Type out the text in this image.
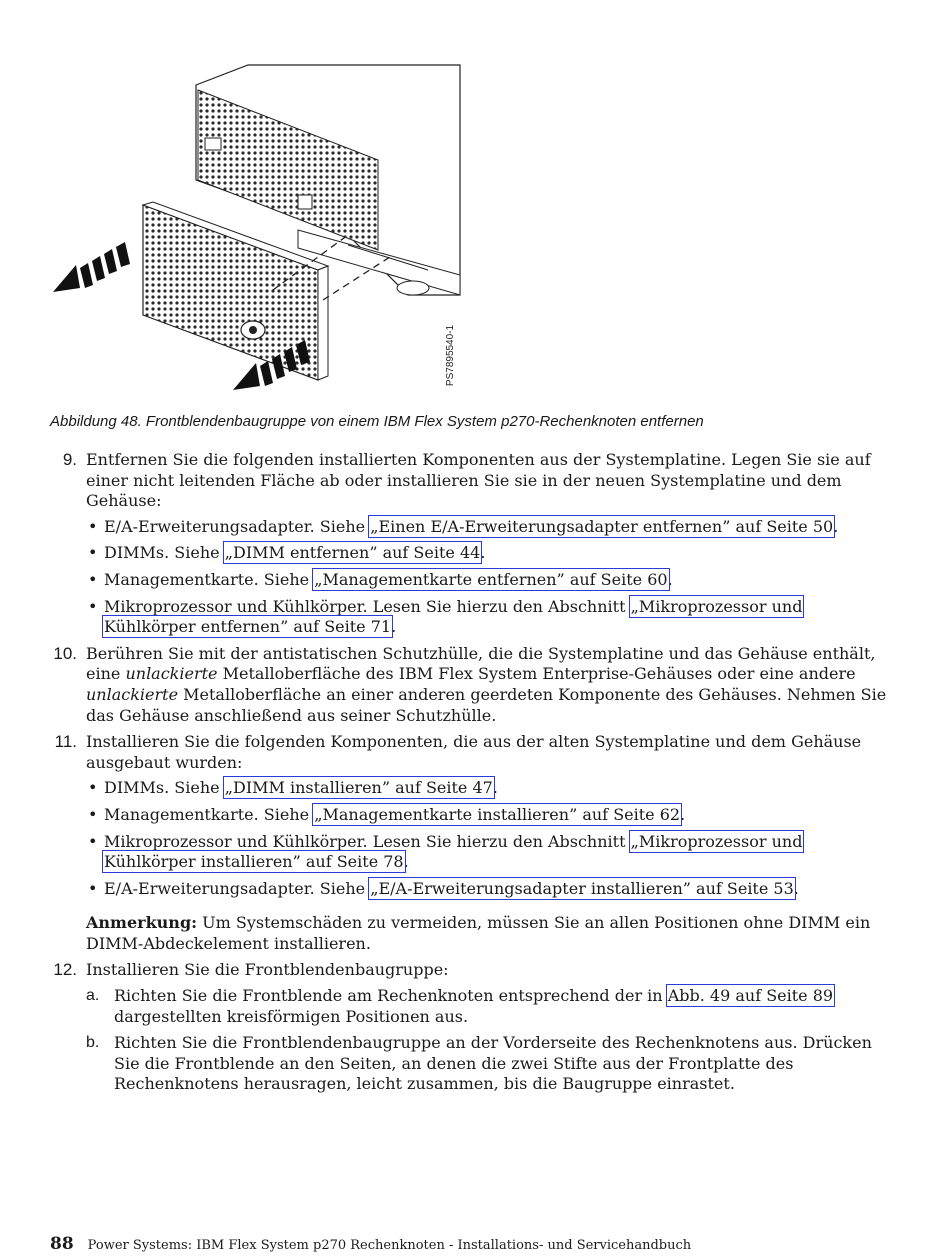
PS7895540-1
Abbildung 48. Frontblendenbaugruppe von einem IBM Flex System p270-Rechenknoten entfernen
9. Entfernen Sie die folgenden installierten Komponenten aus der Systemplatine. Legen Sie sie auf einer nicht leitenden Fläche ab oder installieren Sie sie in der neuen Systemplatine und dem Gehäuse:
• E/A-Erweiterungsadapter. Siehe „Einen E/A-Erweiterungsadapter entfernen” auf Seite 50.
• DIMMs. Siehe „DIMM entfernen” auf Seite 44.
• Managementkarte. Siehe „Managementkarte entfernen” auf Seite 60.
• Mikroprozessor und Kühlkörper. Lesen Sie hierzu den Abschnitt „Mikroprozessor und Kühlkörper entfernen” auf Seite 71.
10. Berühren Sie mit der antistatischen Schutzhülle, die die Systemplatine und das Gehäuse enthält, eine unlackierte Metalloberfläche des IBM Flex System Enterprise-Gehäuses oder eine andere unlackierte Metalloberfläche an einer anderen geerdeten Komponente des Gehäuses. Nehmen Sie das Gehäuse anschließend aus seiner Schutzhülle.
11. Installieren Sie die folgenden Komponenten, die aus der alten Systemplatine und dem Gehäuse ausgebaut wurden:
• DIMMs. Siehe „DIMM installieren” auf Seite 47.
• Managementkarte. Siehe „Managementkarte installieren” auf Seite 62.
• Mikroprozessor und Kühlkörper. Lesen Sie hierzu den Abschnitt „Mikroprozessor und Kühlkörper installieren” auf Seite 78.
• E/A-Erweiterungsadapter. Siehe „E/A-Erweiterungsadapter installieren” auf Seite 53.
Anmerkung: Um Systemschäden zu vermeiden, müssen Sie an allen Positionen ohne DIMM ein DIMM-Abdeckelement installieren.
12. Installieren Sie die Frontblendenbaugruppe:
a. Richten Sie die Frontblende am Rechenknoten entsprechend der in Abb. 49 auf Seite 89 dargestellten kreisförmigen Positionen aus.
b. Richten Sie die Frontblendenbaugruppe an der Vorderseite des Rechenknotens aus. Drücken Sie die Frontblende an den Seiten, an denen die zwei Stifte aus der Frontplatte des Rechenknotens herausragen, leicht zusammen, bis die Baugruppe einrastet.
88 Power Systems: IBM Flex System p270 Rechenknoten - Installations- und Servicehandbuch
